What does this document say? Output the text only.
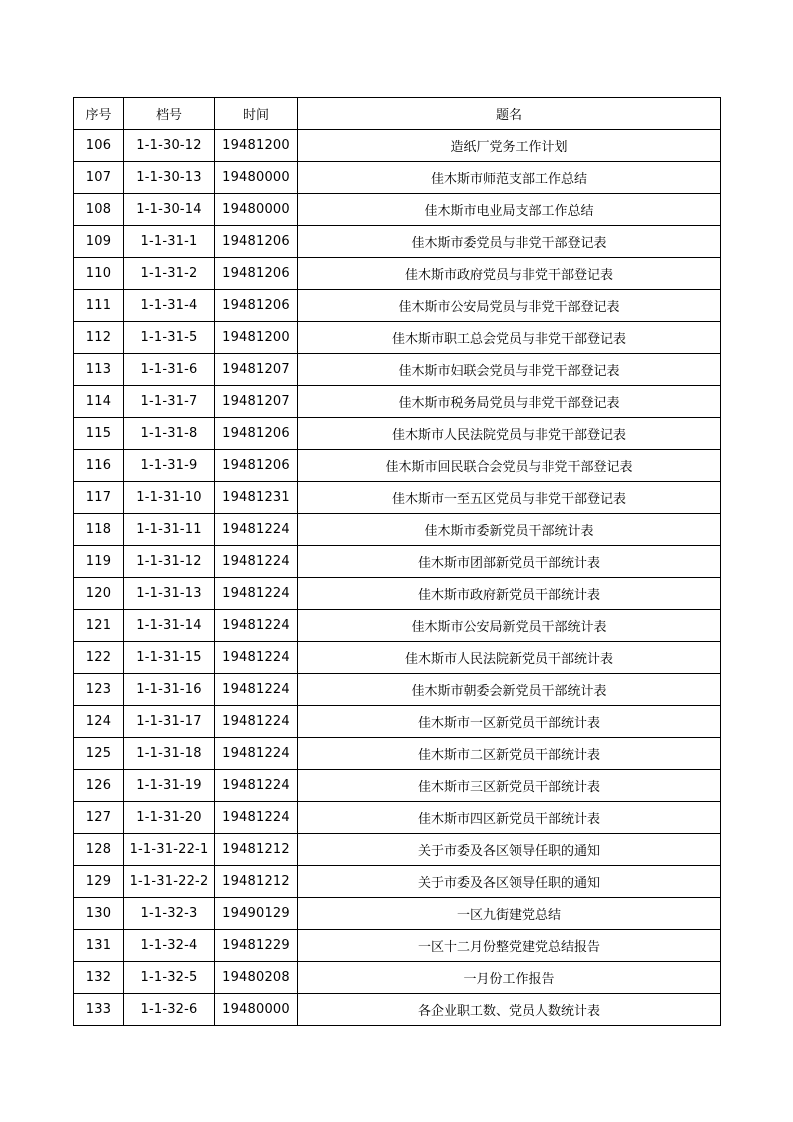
序号	档号	时间	题名
106	1-1-30-12	19481200	造纸厂党务工作计划
107	1-1-30-13	19480000	佳木斯市师范支部工作总结
108	1-1-30-14	19480000	佳木斯市电业局支部工作总结
109	1-1-31-1	19481206	佳木斯市委党员与非党干部登记表
110	1-1-31-2	19481206	佳木斯市政府党员与非党干部登记表
111	1-1-31-4	19481206	佳木斯市公安局党员与非党干部登记表
112	1-1-31-5	19481200	佳木斯市职工总会党员与非党干部登记表
113	1-1-31-6	19481207	佳木斯市妇联会党员与非党干部登记表
114	1-1-31-7	19481207	佳木斯市税务局党员与非党干部登记表
115	1-1-31-8	19481206	佳木斯市人民法院党员与非党干部登记表
116	1-1-31-9	19481206	佳木斯市回民联合会党员与非党干部登记表
117	1-1-31-10	19481231	佳木斯市一至五区党员与非党干部登记表
118	1-1-31-11	19481224	佳木斯市委新党员干部统计表
119	1-1-31-12	19481224	佳木斯市团部新党员干部统计表
120	1-1-31-13	19481224	佳木斯市政府新党员干部统计表
121	1-1-31-14	19481224	佳木斯市公安局新党员干部统计表
122	1-1-31-15	19481224	佳木斯市人民法院新党员干部统计表
123	1-1-31-16	19481224	佳木斯市朝委会新党员干部统计表
124	1-1-31-17	19481224	佳木斯市一区新党员干部统计表
125	1-1-31-18	19481224	佳木斯市二区新党员干部统计表
126	1-1-31-19	19481224	佳木斯市三区新党员干部统计表
127	1-1-31-20	19481224	佳木斯市四区新党员干部统计表
128	1-1-31-22-1	19481212	关于市委及各区领导任职的通知
129	1-1-31-22-2	19481212	关于市委及各区领导任职的通知
130	1-1-32-3	19490129	一区九街建党总结
131	1-1-32-4	19481229	一区十二月份整党建党总结报告
132	1-1-32-5	19480208	一月份工作报告
133	1-1-32-6	19480000	各企业职工数、党员人数统计表
